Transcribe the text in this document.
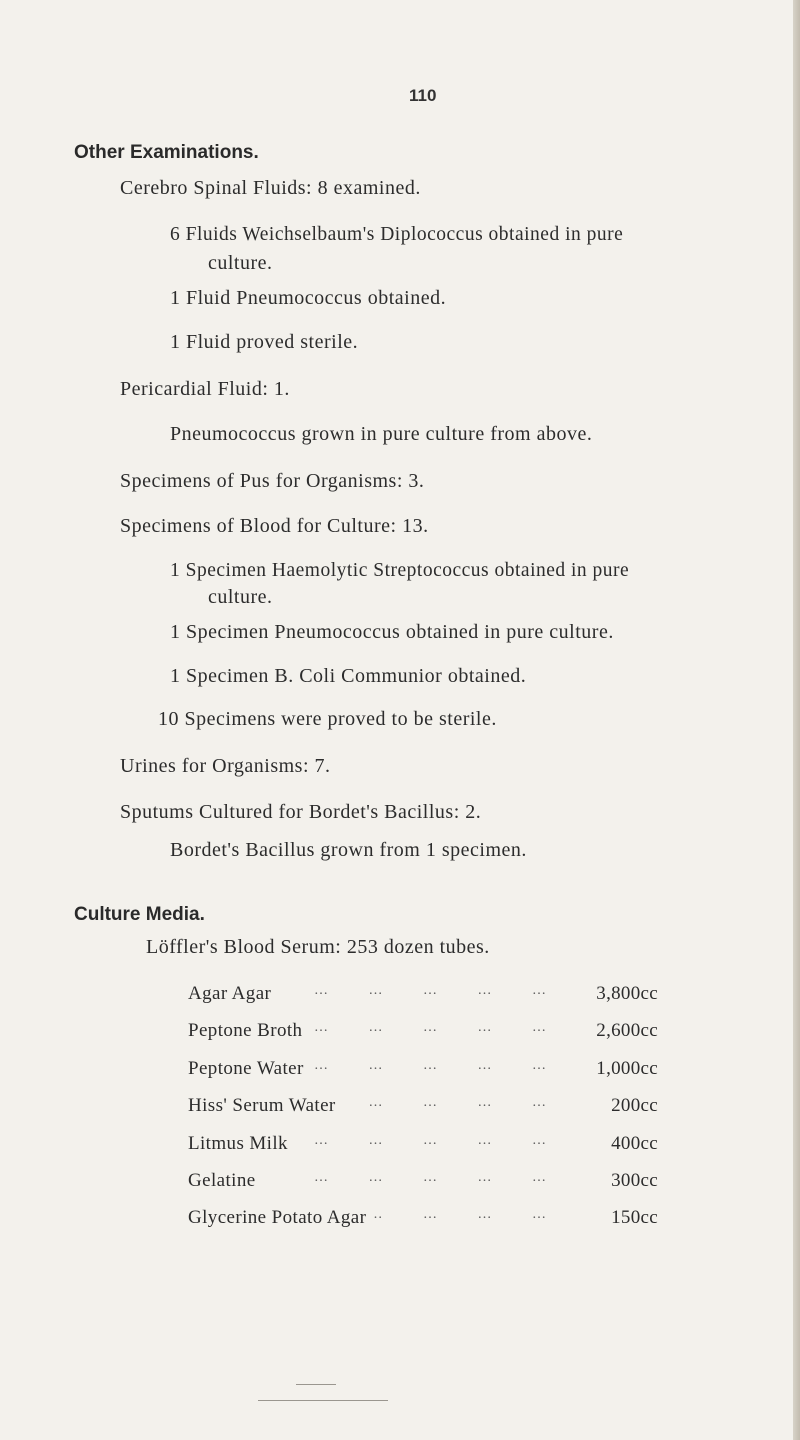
110
Other Examinations.
Cerebro Spinal Fluids: 8 examined.
6 Fluids Weichselbaum's Diplococcus obtained in pure
culture.
1 Fluid Pneumococcus obtained.
1 Fluid proved sterile.
Pericardial Fluid: 1.
Pneumococcus grown in pure culture from above.
Specimens of Pus for Organisms: 3.
Specimens of Blood for Culture: 13.
1 Specimen Haemolytic Streptococcus obtained in pure
culture.
1 Specimen Pneumococcus obtained in pure culture.
1 Specimen B. Coli Communior obtained.
10 Specimens were proved to be sterile.
Urines for Organisms: 7.
Sputums Cultured for Bordet's Bacillus: 2.
Bordet's Bacillus grown from 1 specimen.
Culture Media.
Löffler's Blood Serum: 253 dozen tubes.
Agar Agar …       …       …       …       …	3,800cc
Peptone Broth …       …       …       …       …	2,600cc
Peptone Water …       …       …       …       …	1,000cc
Hiss' Serum Water …       …       …       …       …	200cc
Litmus Milk …       …       …       …       …	400cc
Gelatine …       …       …       …       …	300cc
Glycerine Potato Agar …       …       …       …       …	150cc
